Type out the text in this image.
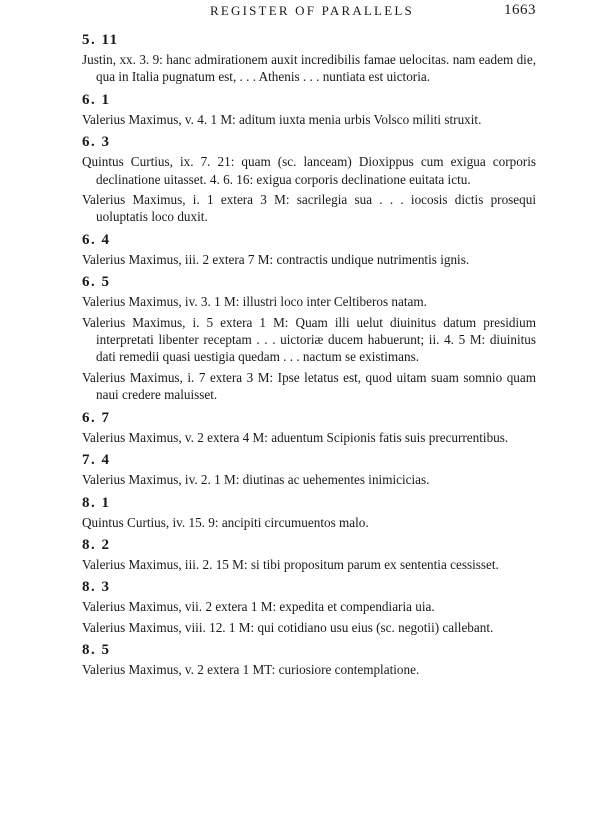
REGISTER OF PARALLELS	1663
5. 11
Justin, xx. 3. 9: hanc admirationem auxit incredibilis famae uelocitas. nam eadem die, qua in Italia pugnatum est, . . . Athenis . . . nuntiata est uictoria.
6. 1
Valerius Maximus, v. 4. 1 M: aditum iuxta menia urbis Volsco militi struxit.
6. 3
Quintus Curtius, ix. 7. 21: quam (sc. lanceam) Dioxippus cum exigua corporis declinatione uitasset. 4. 6. 16: exigua corporis declinatione euitata ictu.
Valerius Maximus, i. 1 extera 3 M: sacrilegia sua . . . iocosis dictis prosequi uoluptatis loco duxit.
6. 4
Valerius Maximus, iii. 2 extera 7 M: contractis undique nutrimentis ignis.
6. 5
Valerius Maximus, iv. 3. 1 M: illustri loco inter Celtiberos natam.
Valerius Maximus, i. 5 extera 1 M: Quam illi uelut diuinitus datum presidium interpretati libenter receptam . . . uictoriæ ducem habuerunt; ii. 4. 5 M: diuinitus dati remedii quasi uestigia quedam . . . nactum se existimans.
Valerius Maximus, i. 7 extera 3 M: Ipse letatus est, quod uitam suam somnio quam naui credere maluisset.
6. 7
Valerius Maximus, v. 2 extera 4 M: aduentum Scipionis fatis suis precurrentibus.
7. 4
Valerius Maximus, iv. 2. 1 M: diutinas ac uehementes inimicicias.
8. 1
Quintus Curtius, iv. 15. 9: ancipiti circumuentos malo.
8. 2
Valerius Maximus, iii. 2. 15 M: si tibi propositum parum ex sententia cessisset.
8. 3
Valerius Maximus, vii. 2 extera 1 M: expedita et compendiaria uia.
Valerius Maximus, viii. 12. 1 M: qui cotidiano usu eius (sc. negotii) callebant.
8. 5
Valerius Maximus, v. 2 extera 1 MT: curiosiore contemplatione.
